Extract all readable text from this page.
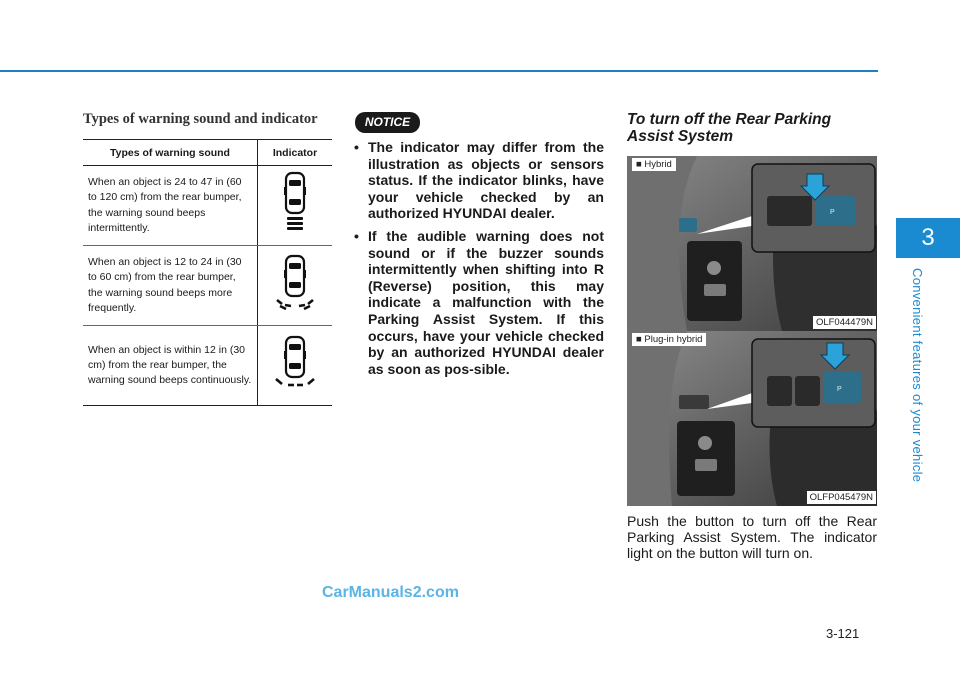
3
Convenient features of your vehicle
Types of warning sound and indicator
Types of warning sound	Indicator
When an object is 24 to 47 in (60 to 120 cm) from the rear bumper, the warning sound beeps intermittently.	
When an object is 12 to 24 in (30 to 60 cm) from the rear bumper, the warning sound beeps more frequently.	
When an object is within 12 in (30 cm) from the rear bumper, the warning sound beeps continuously.	
NOTICE
• The indicator may differ from the illustration as objects or sensors status. If the indicator blinks, have your vehicle checked by an authorized HYUNDAI dealer.
• If the audible warning does not sound or if the buzzer sounds intermittently when shifting into R (Reverse) position, this may indicate a malfunction with the Parking Assist System. If this occurs, have your vehicle checked by an authorized HYUNDAI dealer as soon as pos-sible.
To turn off the Rear Parking Assist System
P
■ Hybrid
OLF044479N
P
■ Plug-in hybrid
OLFP045479N

Push the button to turn off the Rear Parking Assist System. The indicator light on the button will turn on.

CarManuals2.com
3-121
